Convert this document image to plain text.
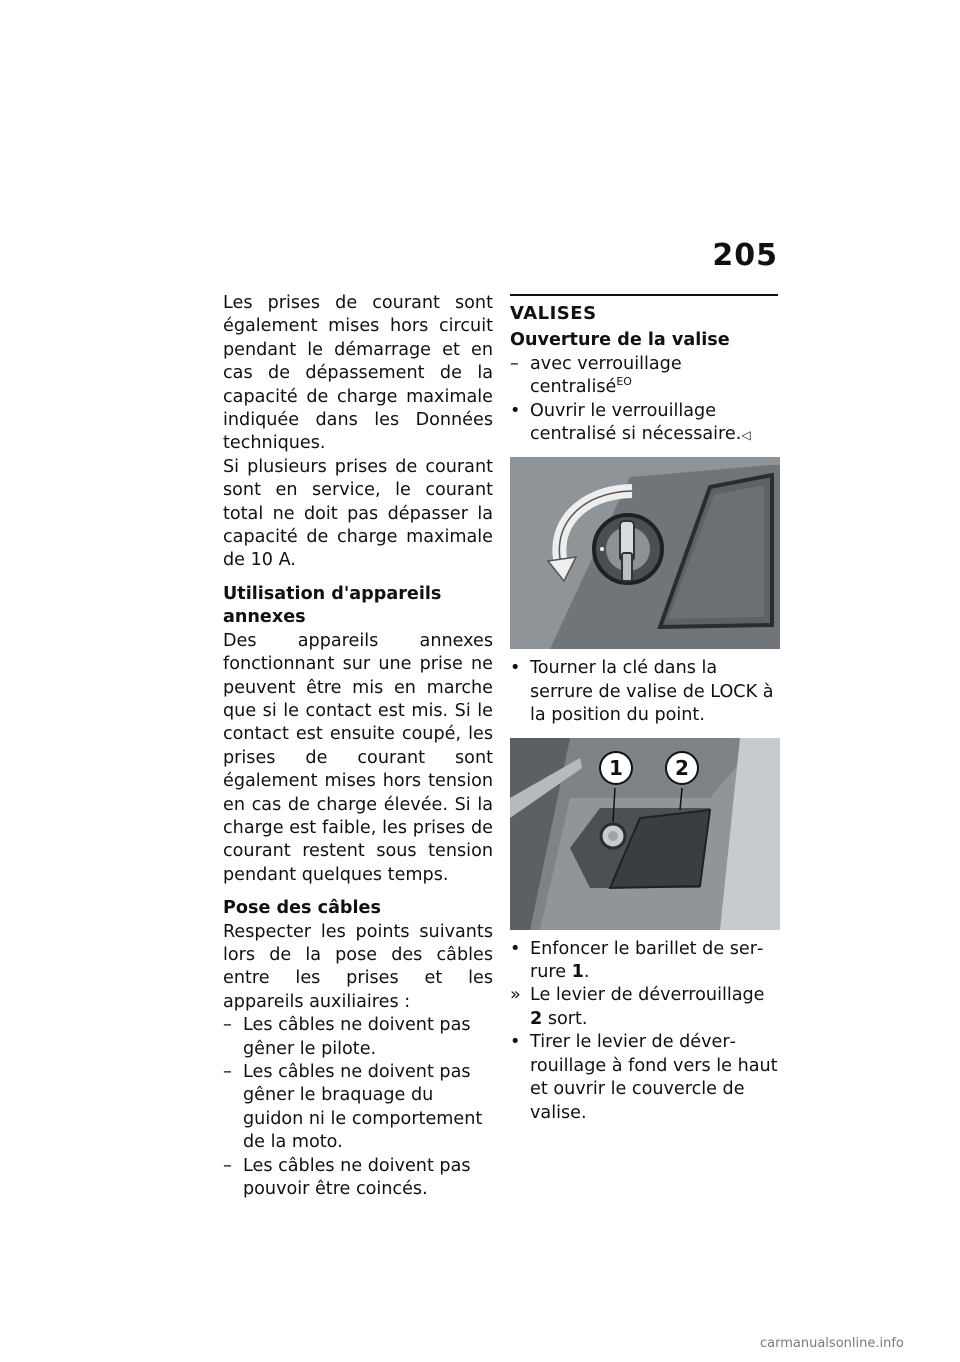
205

Les prises de courant sont également mises hors circuit pendant le démarrage et en cas de dépassement de la capacité de charge maximale indiquée dans les Données techniques.

Si plusieurs prises de courant sont en service, le courant total ne doit pas dépasser la capacité de charge maximale de 10 A.

Utilisation d'appareils annexes

Des appareils annexes fonctionnant sur une prise ne peuvent être mis en marche que si le contact est mis. Si le contact est ensuite coupé, les prises de courant sont également mises hors tension en cas de charge élevée. Si la charge est faible, les prises de courant restent sous tension pendant quelques temps.

Pose des câbles

Respecter les points suivants lors de la pose des câbles entre les prises et les appareils auxiliaires :

– Les câbles ne doivent pas gêner le pilote.

– Les câbles ne doivent pas gêner le braquage du guidon ni le comportement de la moto.

– Les câbles ne doivent pas pouvoir être coincés.

VALISES

Ouverture de la valise

– avec verrouillage centralisé$^{EO}$

• Ouvrir le verrouillage centralisé si nécessaire.◁

• Tourner la clé dans la serrure de valise de LOCK à la position du point.

1	2

• Enfoncer le barillet de serrure 1.

» Le levier de déverrouillage 2 sort.

• Tirer le levier de déverrouillage à fond vers le haut et ouvrir le couvercle de valise.

carmanualsonline.info
